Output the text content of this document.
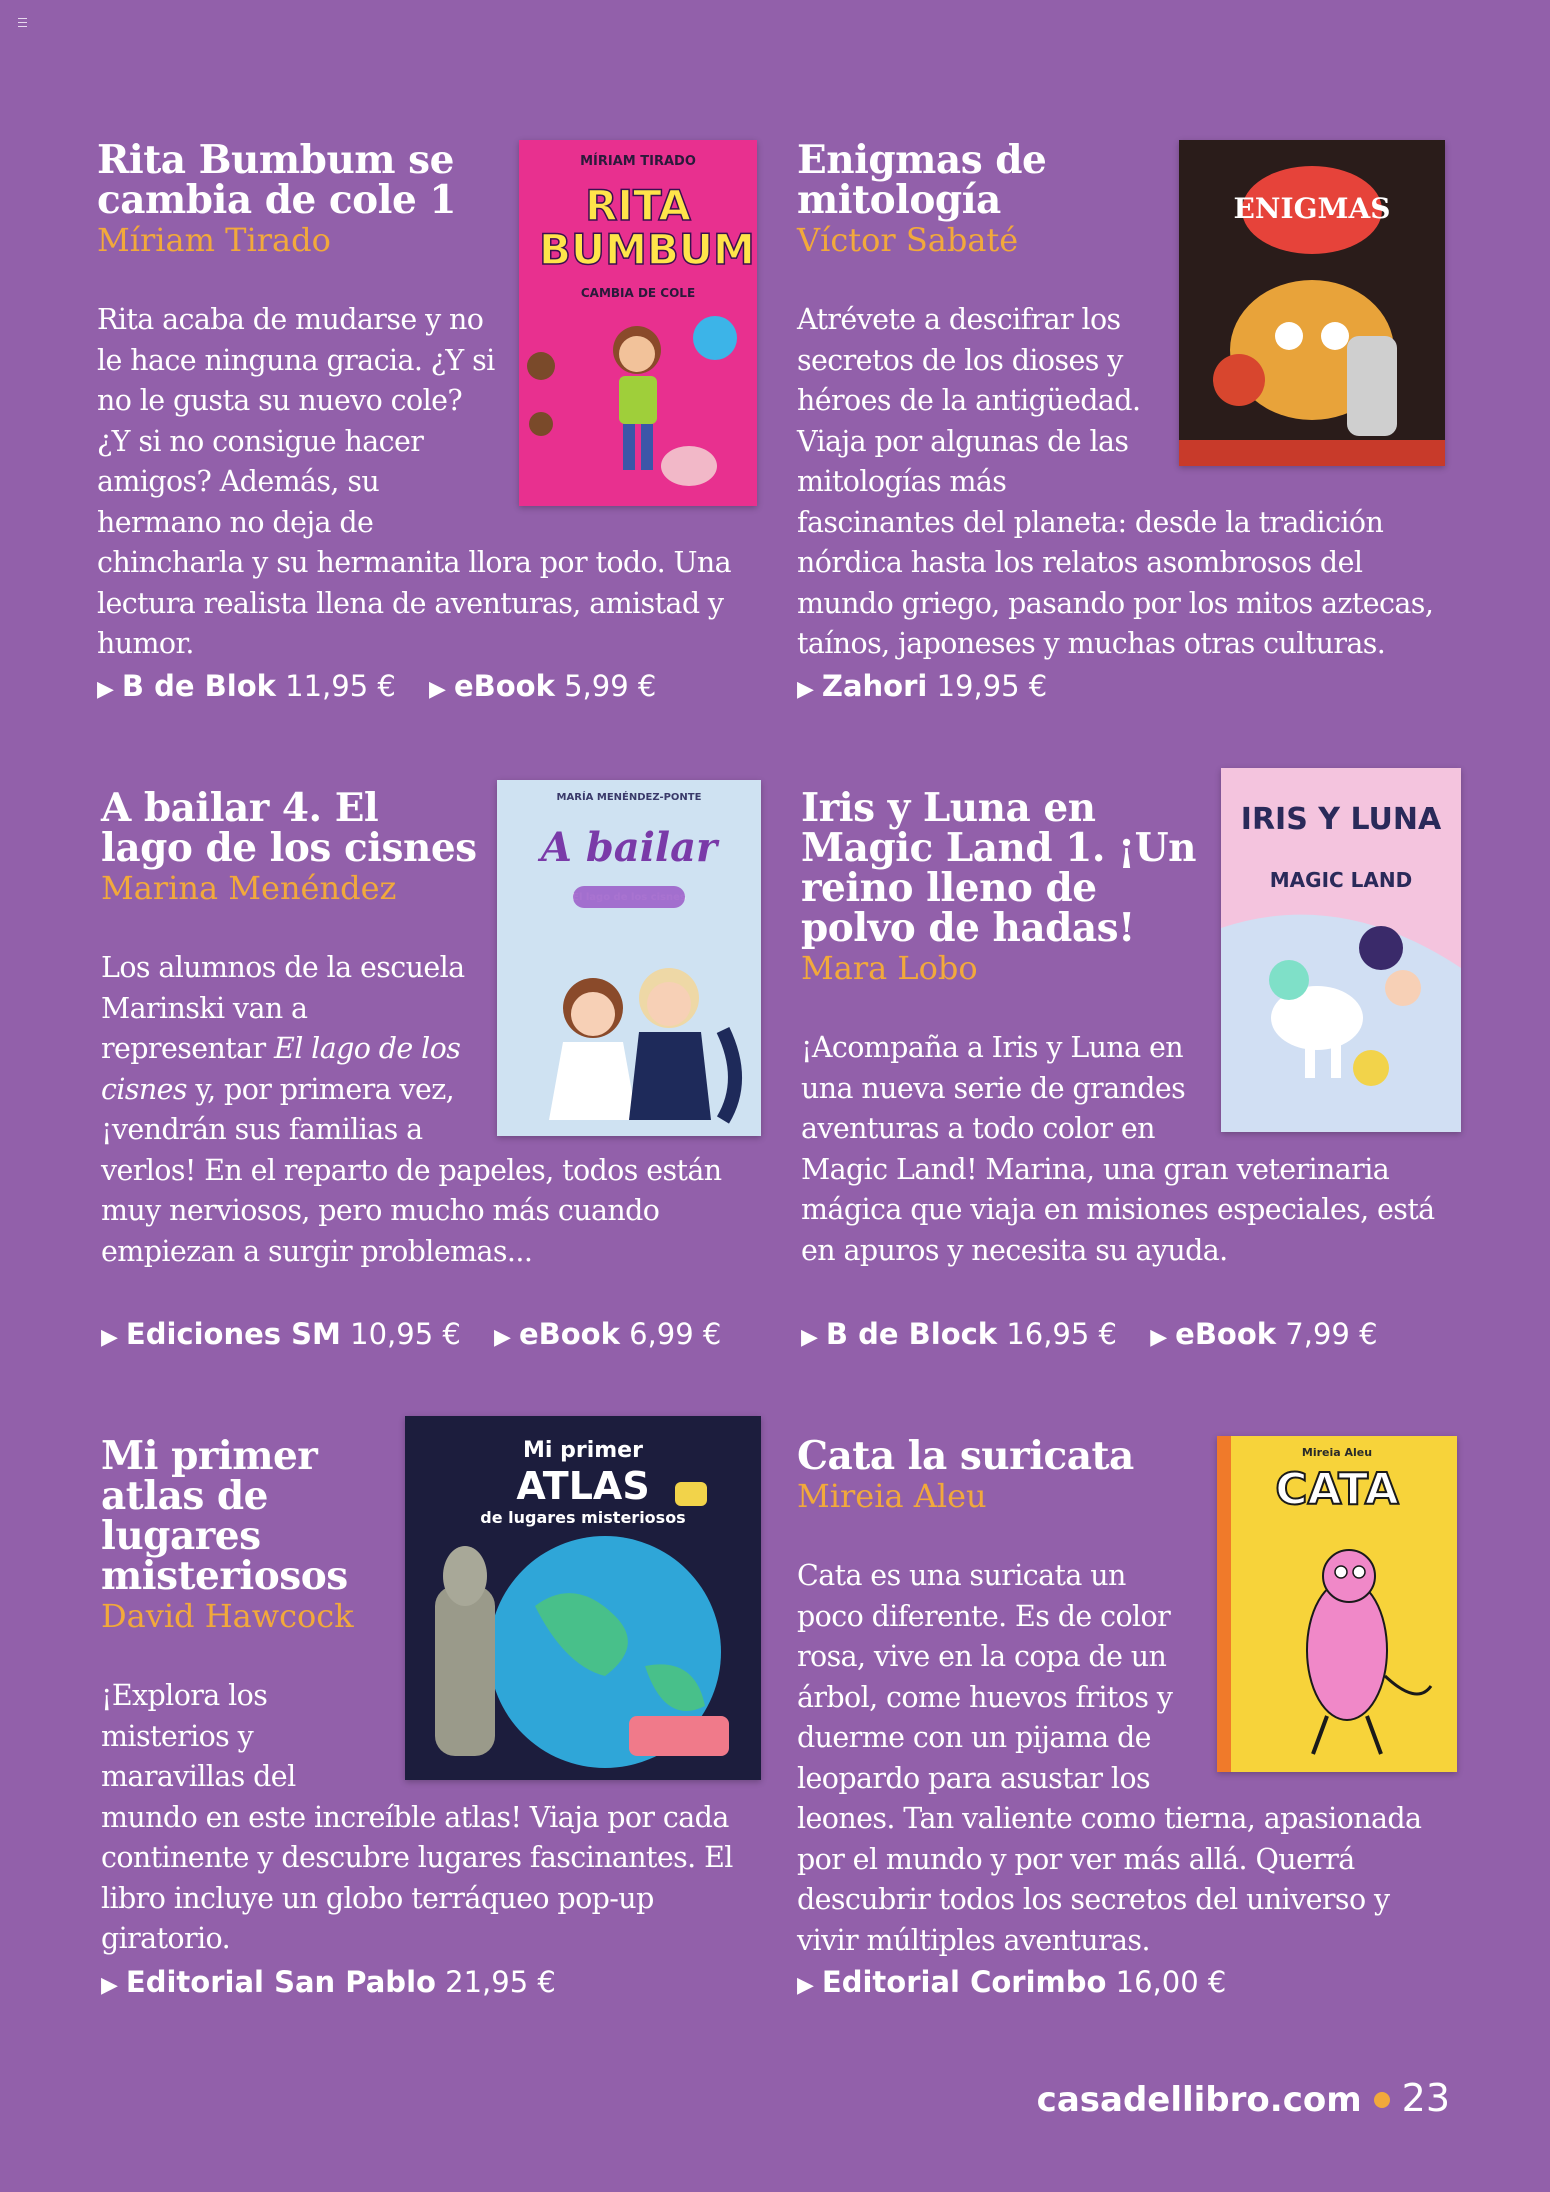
MÍRIAM TIRADO
RITA BUMBUM
CAMBIA DE COLE
Rita Bumbum se cambia de cole 1
Míriam Tirado
Rita acaba de mudarse y no le hace ninguna gracia. ¿Y si no le gusta su nuevo cole? ¿Y si no consigue hacer amigos? Además, su hermano no deja de chincharla y su hermanita llora por todo. Una lectura realista llena de aventuras, amistad y humor.
▶ B de Blok 11,95 € ▶ eBook 5,99 €
ENIGMAS
Enigmas de mitología
Víctor Sabaté
Atrévete a descifrar los secretos de los dioses y héroes de la antigüedad. Viaja por algunas de las mitologías más fascinantes del planeta: desde la tradición nórdica hasta los relatos asombrosos del mundo griego, pasando por los mitos aztecas, taínos, japoneses y muchas otras culturas.
▶ Zahori 19,95 €
MARÍA MENÉNDEZ-PONTE
A bailar
A bailar 4. El lago de los cisnes
Marina Menéndez
Los alumnos de la escuela Marinski van a representar El lago de los cisnes y, por primera vez, ¡vendrán sus familias a verlos! En el reparto de papeles, todos están muy nerviosos, pero mucho más cuando empiezan a surgir problemas...
▶ Ediciones SM 10,95 € ▶ eBook 6,99 €
IRIS Y LUNA
MAGIC LAND
Iris y Luna en Magic Land 1. ¡Un reino lleno de polvo de hadas!
Mara Lobo
¡Acompaña a Iris y Luna en una nueva serie de grandes aventuras a todo color en Magic Land! Marina, una gran veterinaria mágica que viaja en misiones especiales, está en apuros y necesita su ayuda.
▶ B de Block 16,95 € ▶ eBook 7,99 €
Mi primer
ATLAS
de lugares misteriosos
Mi primer atlas de lugares misteriosos
David Hawcock
¡Explora los misterios y maravillas del mundo en este increíble atlas! Viaja por cada continente y descubre lugares fascinantes. El libro incluye un globo terráqueo pop-up giratorio.
▶ Editorial San Pablo 21,95 €
Mireia Aleu
CATA
Cata la suricata
Mireia Aleu
Cata es una suricata un poco diferente. Es de color rosa, vive en la copa de un árbol, come huevos fritos y duerme con un pijama de leopardo para asustar los leones. Tan valiente como tierna, apasionada por el mundo y por ver más allá. Querrá descubrir todos los secretos del universo y vivir múltiples aventuras.
▶ Editorial Corimbo 16,00 €
casadellibro.com 23
